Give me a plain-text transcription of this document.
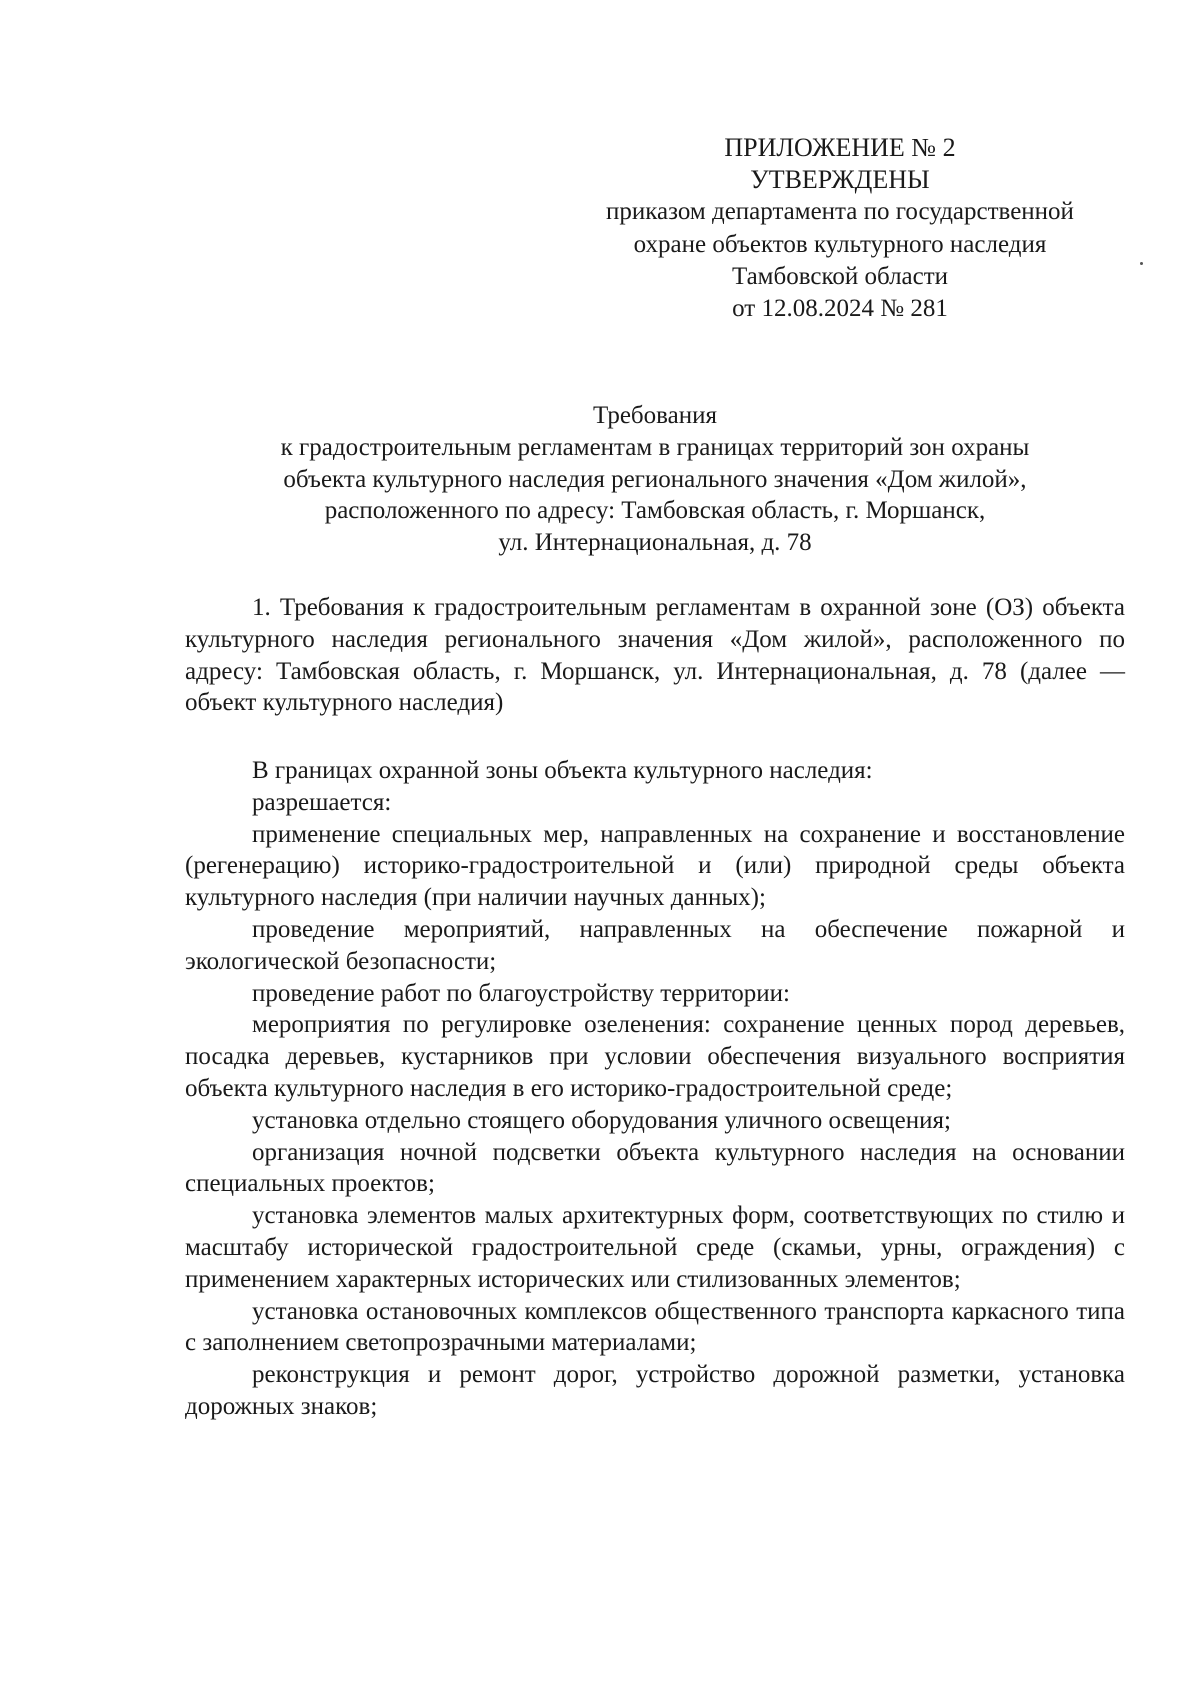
ПРИЛОЖЕНИЕ № 2
УТВЕРЖДЕНЫ
приказом департамента по государственной
охране объектов культурного наследия
Тамбовской области
от 12.08.2024 № 281
Требования
к градостроительным регламентам в границах территорий зон охраны
объекта культурного наследия регионального значения «Дом жилой»,
расположенного по адресу: Тамбовская область, г. Моршанск,
ул. Интернациональная, д. 78

1. Требования к градостроительным регламентам в охранной зоне (ОЗ) объекта культурного наследия регионального значения «Дом жилой», расположенного по адресу: Тамбовская область, г. Моршанск, ул. Интернациональная, д. 78 (далее — объект культурного наследия)

В границах охранной зоны объекта культурного наследия:

разрешается:

применение специальных мер, направленных на сохранение и восстановление (регенерацию) историко-градостроительной и (или) природной среды объекта культурного наследия (при наличии научных данных);

проведение мероприятий, направленных на обеспечение пожарной и экологической безопасности;

проведение работ по благоустройству территории:

мероприятия по регулировке озеленения: сохранение ценных пород деревьев, посадка деревьев, кустарников при условии обеспечения визуального восприятия объекта культурного наследия в его историко-градостроительной среде;

установка отдельно стоящего оборудования уличного освещения;

организация ночной подсветки объекта культурного наследия на основании специальных проектов;

установка элементов малых архитектурных форм, соответствующих по стилю и масштабу исторической градостроительной среде (скамьи, урны, ограждения) с применением характерных исторических или стилизованных элементов;

установка остановочных комплексов общественного транспорта каркасного типа с заполнением светопрозрачными материалами;

реконструкция и ремонт дорог, устройство дорожной разметки, установка дорожных знаков;
